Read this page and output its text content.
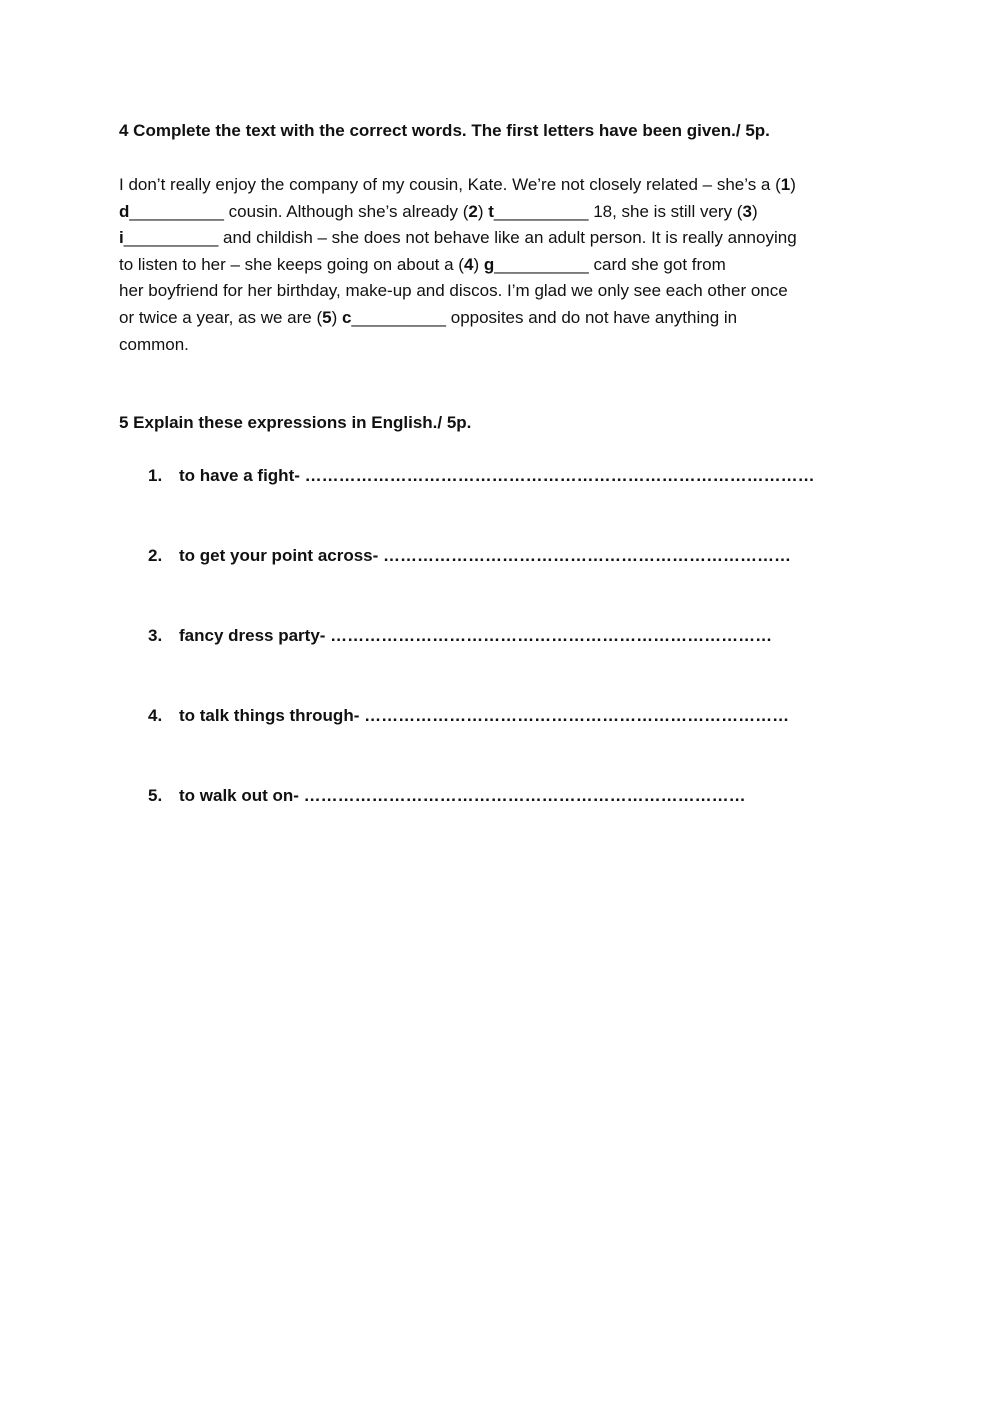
4 Complete the text with the correct words. The first letters have been given./ 5p.
I don’t really enjoy the company of my cousin, Kate. We’re not closely related – she’s a (1)
d__________ cousin. Although she’s already (2) t__________ 18, she is still very (3)
i__________ and childish – she does not behave like an adult person. It is really annoying
to listen to her – she keeps going on about a (4) g__________ card she got from
her boyfriend for her birthday, make-up and discos. I’m glad we only see each other once
or twice a year, as we are (5) c__________ opposites and do not have anything in
common.
5 Explain these expressions in English./ 5p.
1. to have a fight- ………………………………………………………………………………
2. to get your point across- ………………………………………………………………
3. fancy dress party- ……………………………………………………………………
4. to talk things through- …………………………………………………………………
5. to walk out on- ……………………………………………………………………
